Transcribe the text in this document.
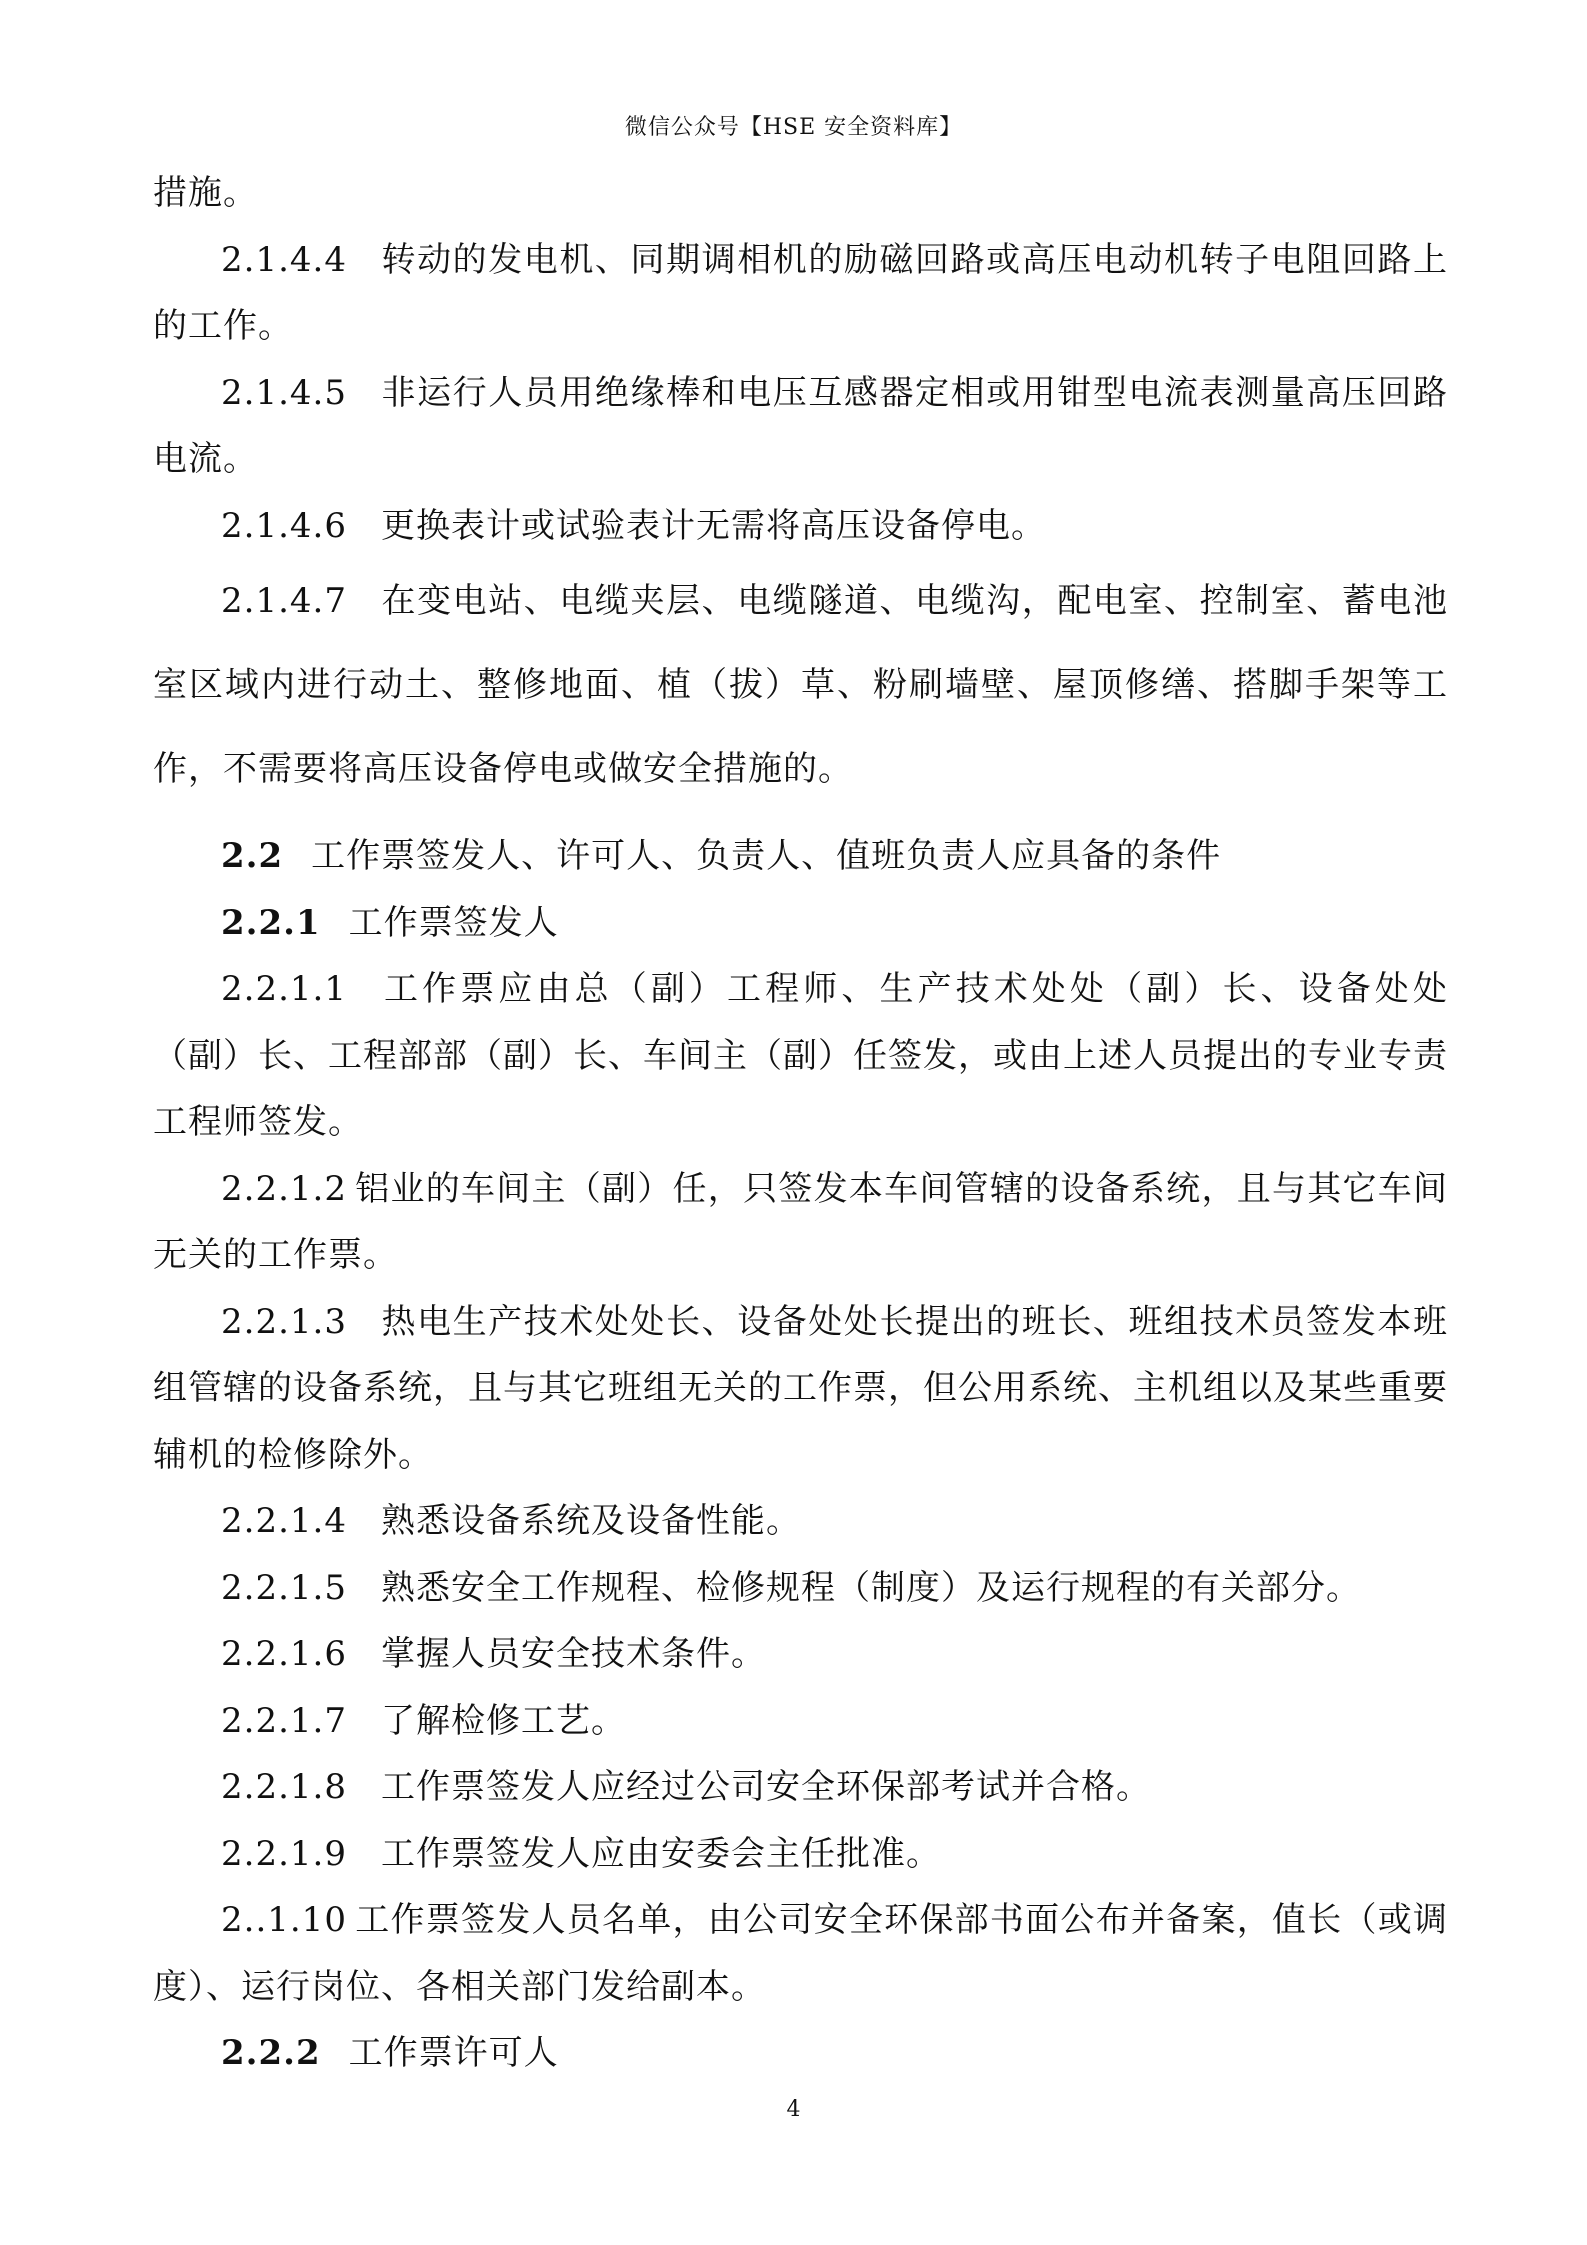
微信公众号【HSE 安全资料库】

措施。

2.1.4.4 转动的发电机、同期调相机的励磁回路或高压电动机转子电阻回路上的工作。

2.1.4.5 非运行人员用绝缘棒和电压互感器定相或用钳型电流表测量高压回路电流。

2.1.4.6 更换表计或试验表计无需将高压设备停电。

2.1.4.7 在变电站、电缆夹层、电缆隧道、电缆沟，配电室、控制室、蓄电池室区域内进行动土、整修地面、植（拔）草、粉刷墙壁、屋顶修缮、搭脚手架等工作，不需要将高压设备停电或做安全措施的。

2.2 工作票签发人、许可人、负责人、值班负责人应具备的条件

2.2.1 工作票签发人

2.2.1.1 工作票应由总（副）工程师、生产技术处处（副）长、设备处处（副）长、工程部部（副）长、车间主（副）任签发，或由上述人员提出的专业专责工程师签发。

2.2.1.2 铝业的车间主（副）任，只签发本车间管辖的设备系统，且与其它车间无关的工作票。

2.2.1.3 热电生产技术处处长、设备处处长提出的班长、班组技术员签发本班组管辖的设备系统，且与其它班组无关的工作票，但公用系统、主机组以及某些重要辅机的检修除外。

2.2.1.4 熟悉设备系统及设备性能。

2.2.1.5 熟悉安全工作规程、检修规程（制度）及运行规程的有关部分。

2.2.1.6 掌握人员安全技术条件。

2.2.1.7 了解检修工艺。

2.2.1.8 工作票签发人应经过公司安全环保部考试并合格。

2.2.1.9 工作票签发人应由安委会主任批准。

2..1.10 工作票签发人员名单，由公司安全环保部书面公布并备案，值长（或调度）、运行岗位、各相关部门发给副本。

2.2.2 工作票许可人

4
